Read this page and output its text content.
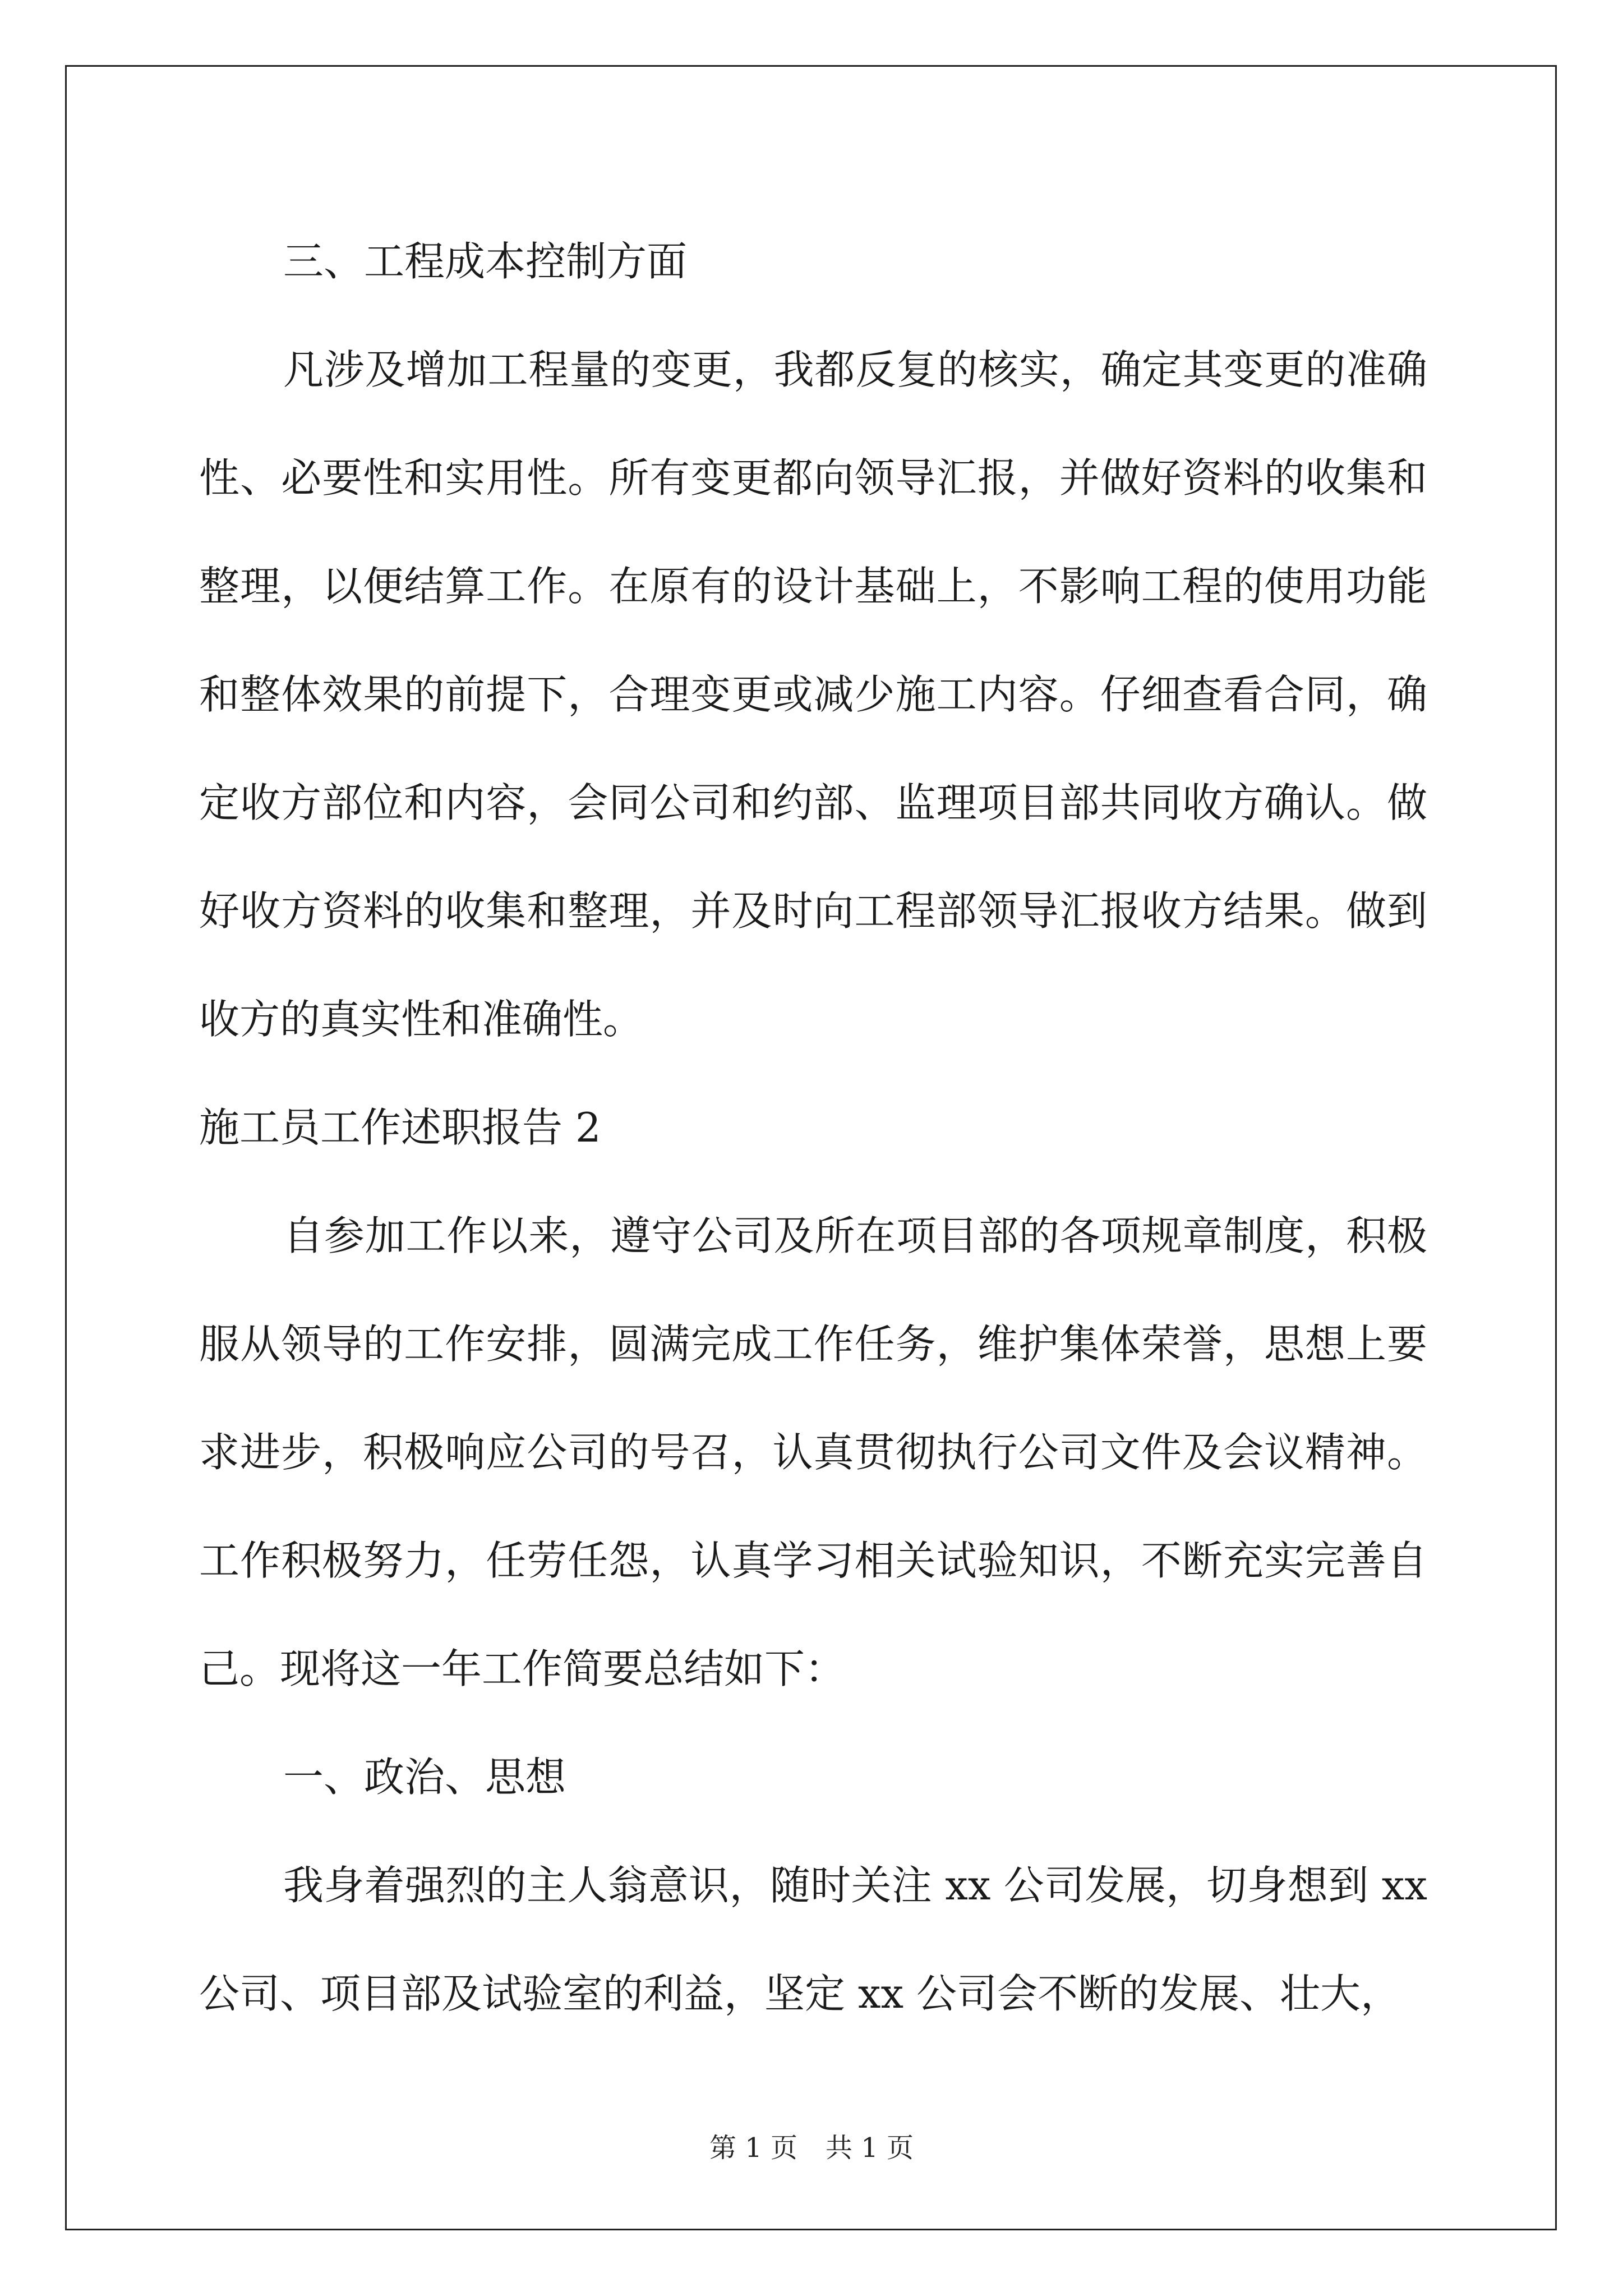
三、工程成本控制方面
凡涉及增加工程量的变更，我都反复的核实，确定其变更的准确
性、必要性和实用性。所有变更都向领导汇报，并做好资料的收集和
整理，以便结算工作。在原有的设计基础上，不影响工程的使用功能
和整体效果的前提下，合理变更或减少施工内容。仔细查看合同，确
定收方部位和内容，会同公司和约部、监理项目部共同收方确认。做
好收方资料的收集和整理，并及时向工程部领导汇报收方结果。做到
收方的真实性和准确性。
施工员工作述职报告 2
自参加工作以来，遵守公司及所在项目部的各项规章制度，积极
服从领导的工作安排，圆满完成工作任务，维护集体荣誉，思想上要
求进步，积极响应公司的号召，认真贯彻执行公司文件及会议精神。
工作积极努力，任劳任怨，认真学习相关试验知识，不断充实完善自
己。现将这一年工作简要总结如下：
一、政治、思想
我身着强烈的主人翁意识，随时关注 xx 公司发展，切身想到 xx
公司、项目部及试验室的利益，坚定 xx 公司会不断的发展、壮大，
第 1 页 共 1 页
